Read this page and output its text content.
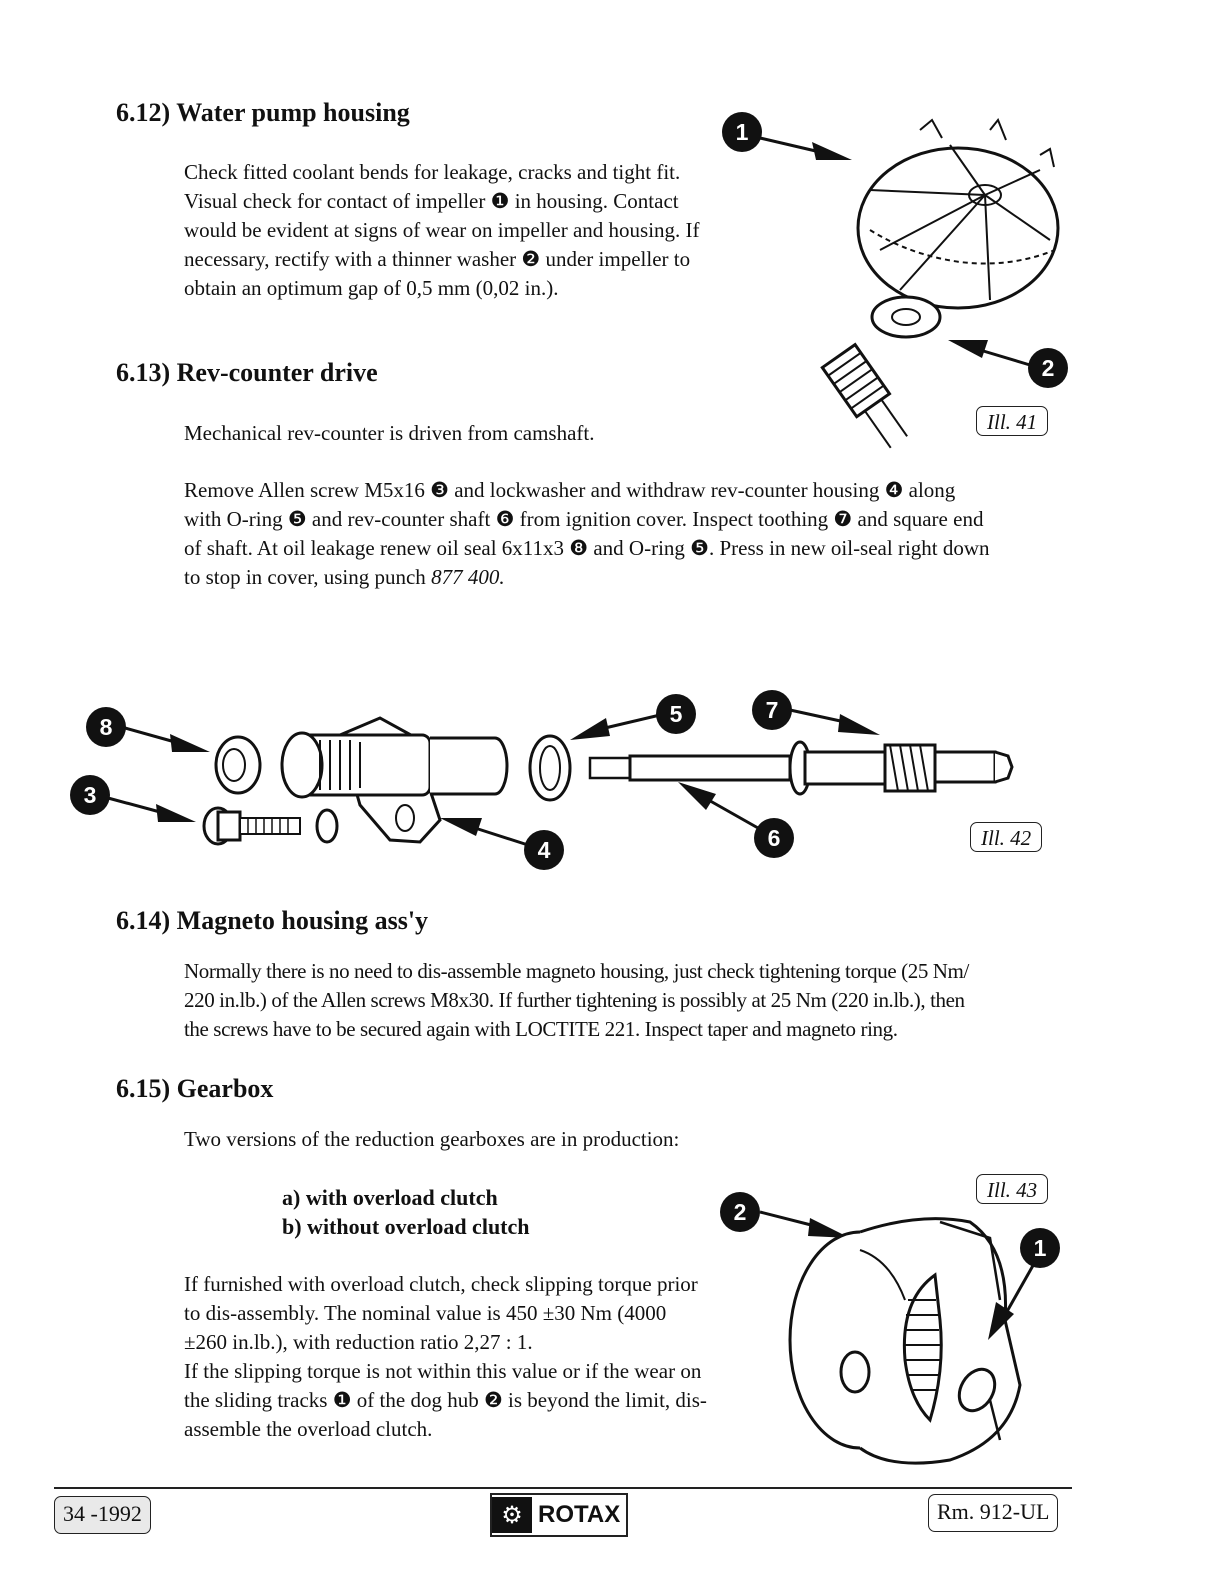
6.12) Water pump housing
Check fitted coolant bends for leakage, cracks and tight fit.
Visual check for contact of impeller ❶ in housing. Contact
would be evident at signs of wear on impeller and housing. If
necessary, rectify with a thinner washer ❷ under impeller to
obtain an optimum gap of 0,5 mm (0,02 in.).
1
2
Ill. 41
6.13) Rev-counter drive
Mechanical rev-counter is driven from camshaft.
Remove Allen screw M5x16 ❸ and lockwasher and withdraw rev-counter housing ❹ along
with O-ring ❺ and rev-counter shaft ❻ from ignition cover. Inspect toothing ❼ and square end
of shaft. At oil leakage renew oil seal 6x11x3 ❽ and O-ring ❺. Press in new oil-seal right down
to stop in cover, using punch 877 400.
8
3
5	7
4	6	Ill. 42
6.14) Magneto housing ass'y
Normally there is no need to dis-assemble magneto housing, just check tightening torque (25 Nm/
220 in.lb.) of the Allen screws M8x30. If further tightening is possibly at 25 Nm (220 in.lb.), then
the screws have to be secured again with LOCTITE 221. Inspect taper and magneto ring.
6.15) Gearbox
Two versions of the reduction gearboxes are in production:
a) with overload clutch
b) without overload clutch
If furnished with overload clutch, check slipping torque prior
to dis-assembly. The nominal value is 450 ±30 Nm (4000
±260 in.lb.), with reduction ratio 2,27 : 1.
If the slipping torque is not within this value or if the wear on
the sliding tracks ❶ of the dog hub ❷ is beyond the limit, dis-
assemble the overload clutch.
2
1
Ill. 43
34 -1992	⚙ ROTAX	Rm. 912-UL
